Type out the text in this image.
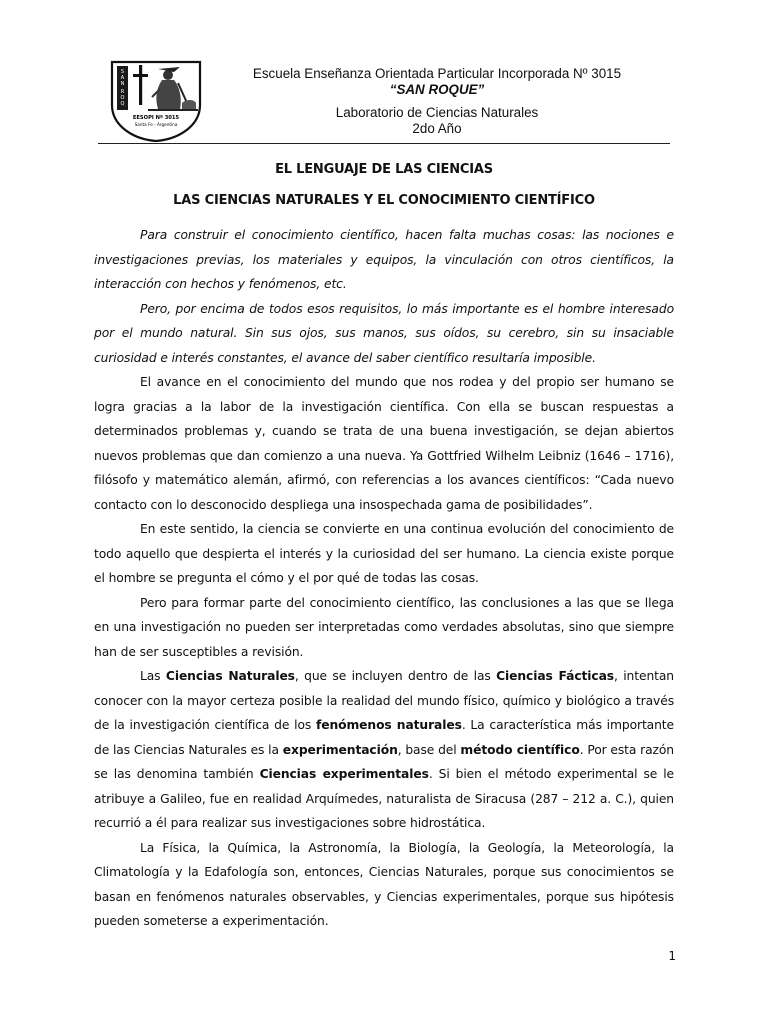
S
A
N
R
O
Q
EESOPI Nº 3015
Santa Fe - Argentina
Escuela Enseñanza Orientada Particular Incorporada Nº 3015
“SAN ROQUE”
Laboratorio de Ciencias Naturales
2do Año
EL LENGUAJE DE LAS CIENCIAS
LAS CIENCIAS NATURALES Y EL CONOCIMIENTO CIENTÍFICO

Para construir el conocimiento científico, hacen falta muchas cosas: las nociones e investigaciones previas, los materiales y equipos, la vinculación con otros científicos, la interacción con hechos y fenómenos, etc.

Pero, por encima de todos esos requisitos, lo más importante es el hombre interesado por el mundo natural. Sin sus ojos, sus manos, sus oídos, su cerebro, sin su insaciable curiosidad e interés constantes, el avance del saber científico resultaría imposible.

El avance en el conocimiento del mundo que nos rodea y del propio ser humano se logra gracias a la labor de la investigación científica. Con ella se buscan respuestas a determinados problemas y, cuando se trata de una buena investigación, se dejan abiertos nuevos problemas que dan comienzo a una nueva. Ya Gottfried Wilhelm Leibniz (1646 – 1716), filósofo y matemático alemán, afirmó, con referencias a los avances científicos: “Cada nuevo contacto con lo desconocido despliega una insospechada gama de posibilidades”.

En este sentido, la ciencia se convierte en una continua evolución del conocimiento de todo aquello que despierta el interés y la curiosidad del ser humano. La ciencia existe porque el hombre se pregunta el cómo y el por qué de todas las cosas.

Pero para formar parte del conocimiento científico, las conclusiones a las que se llega en una investigación no pueden ser interpretadas como verdades absolutas, sino que siempre han de ser susceptibles a revisión.

Las Ciencias Naturales, que se incluyen dentro de las Ciencias Fácticas, intentan conocer con la mayor certeza posible la realidad del mundo físico, químico y biológico a través de la investigación científica de los fenómenos naturales. La característica más importante de las Ciencias Naturales es la experimentación, base del método científico. Por esta razón se las denomina también Ciencias experimentales. Si bien el método experimental se le atribuye a Galileo, fue en realidad Arquímedes, naturalista de Siracusa (287 – 212 a. C.), quien recurrió a él para realizar sus investigaciones sobre hidrostática.

La Física, la Química, la Astronomía, la Biología, la Geología, la Meteorología, la Climatología y la Edafología son, entonces, Ciencias Naturales, porque sus conocimientos se basan en fenómenos naturales observables, y Ciencias experimentales, porque sus hipótesis pueden someterse a experimentación.

1
